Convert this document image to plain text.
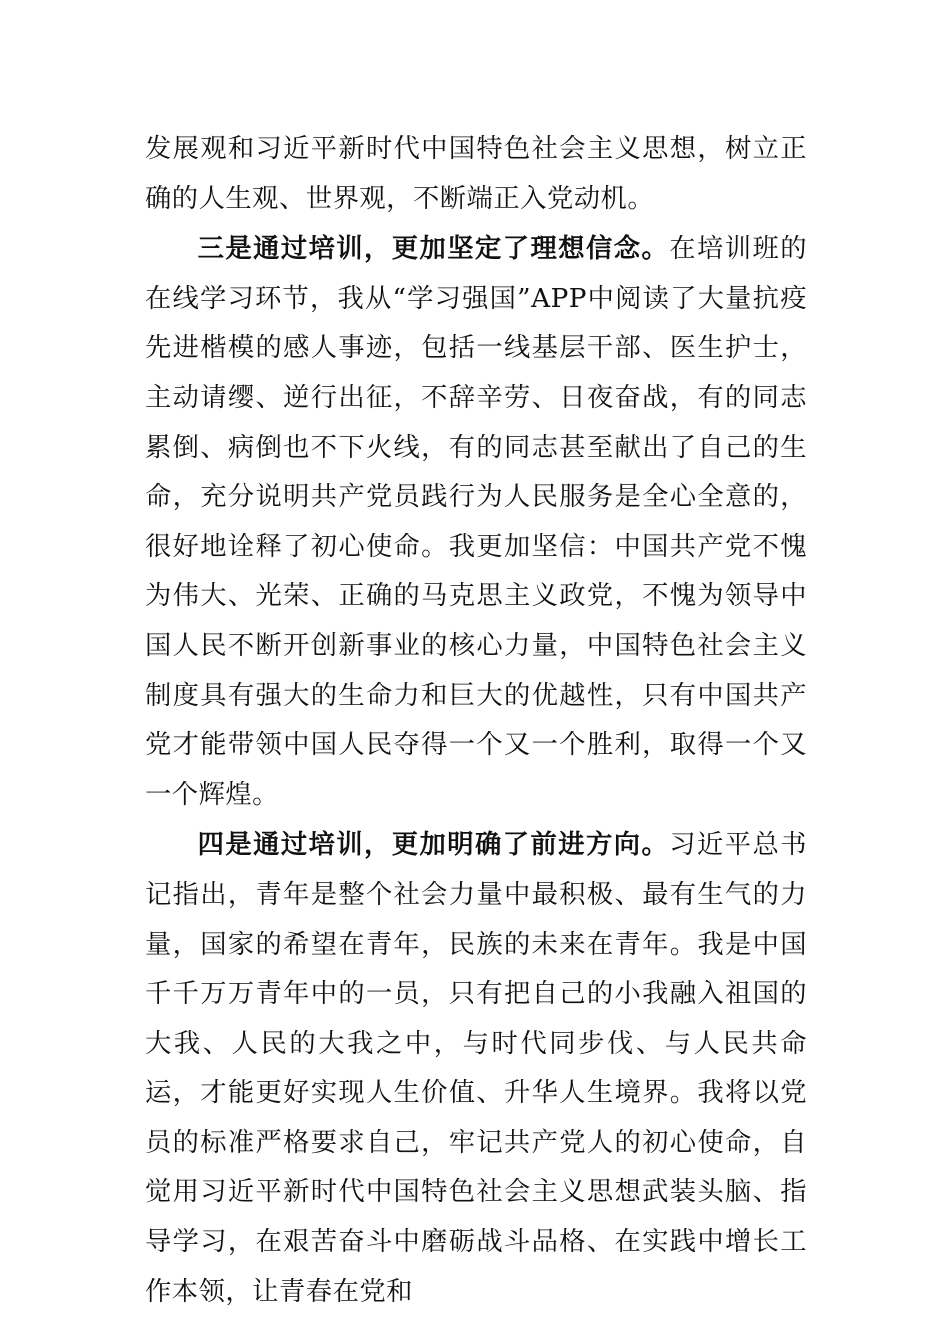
发展观和习近平新时代中国特色社会主义思想，树立正确的人生观、世界观，不断端正入党动机。

三是通过培训，更加坚定了理想信念。在培训班的在线学习环节，我从“学习强国”APP中阅读了大量抗疫先进楷模的感人事迹，包括一线基层干部、医生护士，主动请缨、逆行出征，不辞辛劳、日夜奋战，有的同志累倒、病倒也不下火线，有的同志甚至献出了自己的生命，充分说明共产党员践行为人民服务是全心全意的，很好地诠释了初心使命。我更加坚信：中国共产党不愧为伟大、光荣、正确的马克思主义政党，不愧为领导中国人民不断开创新事业的核心力量，中国特色社会主义制度具有强大的生命力和巨大的优越性，只有中国共产党才能带领中国人民夺得一个又一个胜利，取得一个又一个辉煌。

四是通过培训，更加明确了前进方向。习近平总书记指出，青年是整个社会力量中最积极、最有生气的力量，国家的希望在青年，民族的未来在青年。我是中国千千万万青年中的一员，只有把自己的小我融入祖国的大我、人民的大我之中，与时代同步伐、与人民共命运，才能更好实现人生价值、升华人生境界。我将以党员的标准严格要求自己，牢记共产党人的初心使命，自觉用习近平新时代中国特色社会主义思想武装头脑、指导学习，在艰苦奋斗中磨砺战斗品格、在实践中增长工作本领，让青春在党和
